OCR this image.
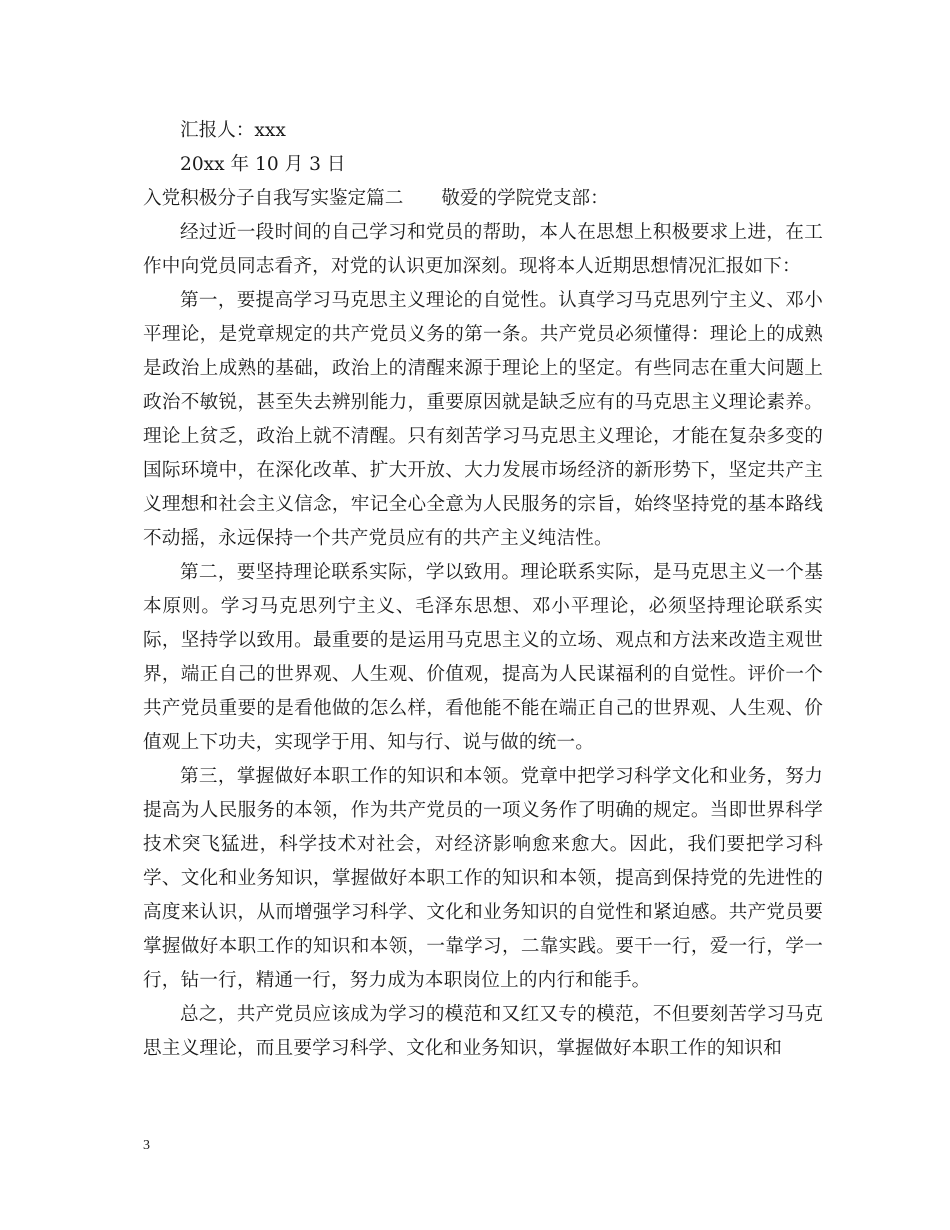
汇报人：xxx

20xx 年 10 月 3 日

入党积极分子自我写实鉴定篇二 敬爱的学院党支部：

经过近一段时间的自己学习和党员的帮助，本人在思想上积极要求上进，在工作中向党员同志看齐，对党的认识更加深刻。现将本人近期思想情况汇报如下：

第一，要提高学习马克思主义理论的自觉性。认真学习马克思列宁主义、邓小平理论，是党章规定的共产党员义务的第一条。共产党员必须懂得：理论上的成熟是政治上成熟的基础，政治上的清醒来源于理论上的坚定。有些同志在重大问题上政治不敏锐，甚至失去辨别能力，重要原因就是缺乏应有的马克思主义理论素养。理论上贫乏，政治上就不清醒。只有刻苦学习马克思主义理论，才能在复杂多变的国际环境中，在深化改革、扩大开放、大力发展市场经济的新形势下，坚定共产主义理想和社会主义信念，牢记全心全意为人民服务的宗旨，始终坚持党的基本路线不动摇，永远保持一个共产党员应有的共产主义纯洁性。

第二，要坚持理论联系实际，学以致用。理论联系实际，是马克思主义一个基本原则。学习马克思列宁主义、毛泽东思想、邓小平理论，必须坚持理论联系实际，坚持学以致用。最重要的是运用马克思主义的立场、观点和方法来改造主观世界，端正自己的世界观、人生观、价值观，提高为人民谋福利的自觉性。评价一个共产党员重要的是看他做的怎么样，看他能不能在端正自己的世界观、人生观、价值观上下功夫，实现学于用、知与行、说与做的统一。

第三，掌握做好本职工作的知识和本领。党章中把学习科学文化和业务，努力提高为人民服务的本领，作为共产党员的一项义务作了明确的规定。当即世界科学技术突飞猛进，科学技术对社会，对经济影响愈来愈大。因此，我们要把学习科学、文化和业务知识，掌握做好本职工作的知识和本领，提高到保持党的先进性的高度来认识，从而增强学习科学、文化和业务知识的自觉性和紧迫感。共产党员要掌握做好本职工作的知识和本领，一靠学习，二靠实践。要干一行，爱一行，学一行，钻一行，精通一行，努力成为本职岗位上的内行和能手。

总之，共产党员应该成为学习的模范和又红又专的模范，不但要刻苦学习马克思主义理论，而且要学习科学、文化和业务知识，掌握做好本职工作的知识和

3
